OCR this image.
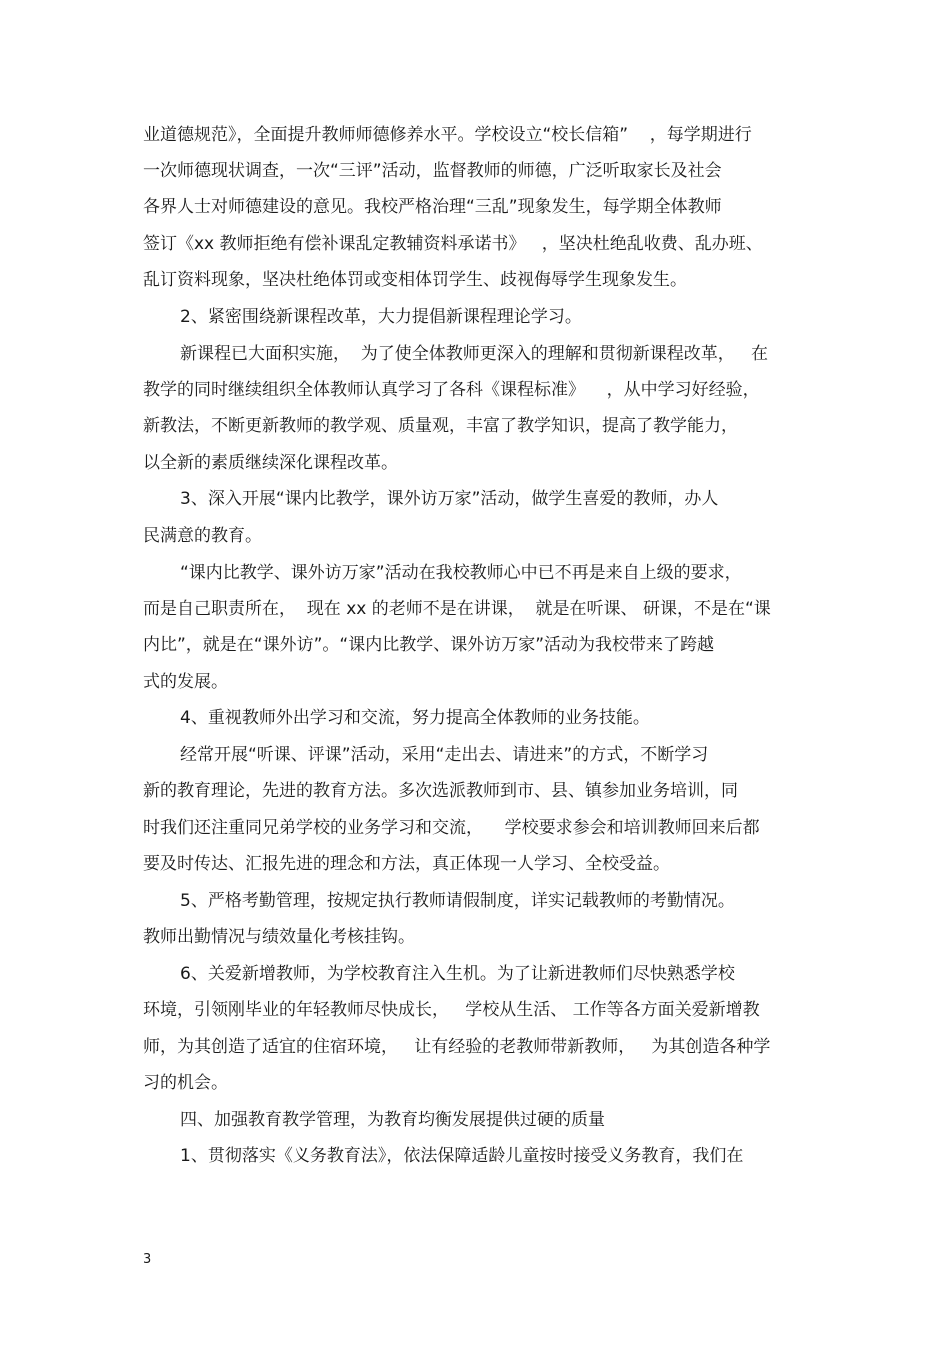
业道德规范》，全面提升教师师德修养水平。学校设立“校长信箱”    ，每学期进行
一次师德现状调查，一次“三评”活动，监督教师的师德，广泛听取家长及社会
各界人士对师德建设的意见。我校严格治理“三乱”现象发生，每学期全体教师
签订《xx 教师拒绝有偿补课乱定教辅资料承诺书》   ，坚决杜绝乱收费、乱办班、
乱订资料现象，坚决杜绝体罚或变相体罚学生、歧视侮辱学生现象发生。
2、紧密围绕新课程改革，大力提倡新课程理论学习。
新课程已大面积实施，  为了使全体教师更深入的理解和贯彻新课程改革，   在
教学的同时继续组织全体教师认真学习了各科《课程标准》    ，从中学习好经验，
新教法，不断更新教师的教学观、质量观，丰富了教学知识，提高了教学能力，
以全新的素质继续深化课程改革。
3、深入开展“课内比教学，课外访万家”活动，做学生喜爱的教师，办人
民满意的教育。
“课内比教学、课外访万家”活动在我校教师心中已不再是来自上级的要求，
而是自己职责所在，  现在 xx 的老师不是在讲课，  就是在听课、 研课，不是在“课
内比”，就是在“课外访”。“课内比教学、课外访万家”活动为我校带来了跨越
式的发展。
4、重视教师外出学习和交流，努力提高全体教师的业务技能。
经常开展“听课、评课”活动，采用“走出去、请进来”的方式，不断学习
新的教育理论，先进的教育方法。多次选派教师到市、县、镇参加业务培训，同
时我们还注重同兄弟学校的业务学习和交流，    学校要求参会和培训教师回来后都
要及时传达、汇报先进的理念和方法，真正体现一人学习、全校受益。
5、严格考勤管理，按规定执行教师请假制度，详实记载教师的考勤情况。
教师出勤情况与绩效量化考核挂钩。
6、关爱新增教师，为学校教育注入生机。为了让新进教师们尽快熟悉学校
环境，引领刚毕业的年轻教师尽快成长，   学校从生活、 工作等各方面关爱新增教
师，为其创造了适宜的住宿环境，   让有经验的老教师带新教师，   为其创造各种学
习的机会。
四、加强教育教学管理，为教育均衡发展提供过硬的质量
1、贯彻落实《义务教育法》，依法保障适龄儿童按时接受义务教育，我们在
3
